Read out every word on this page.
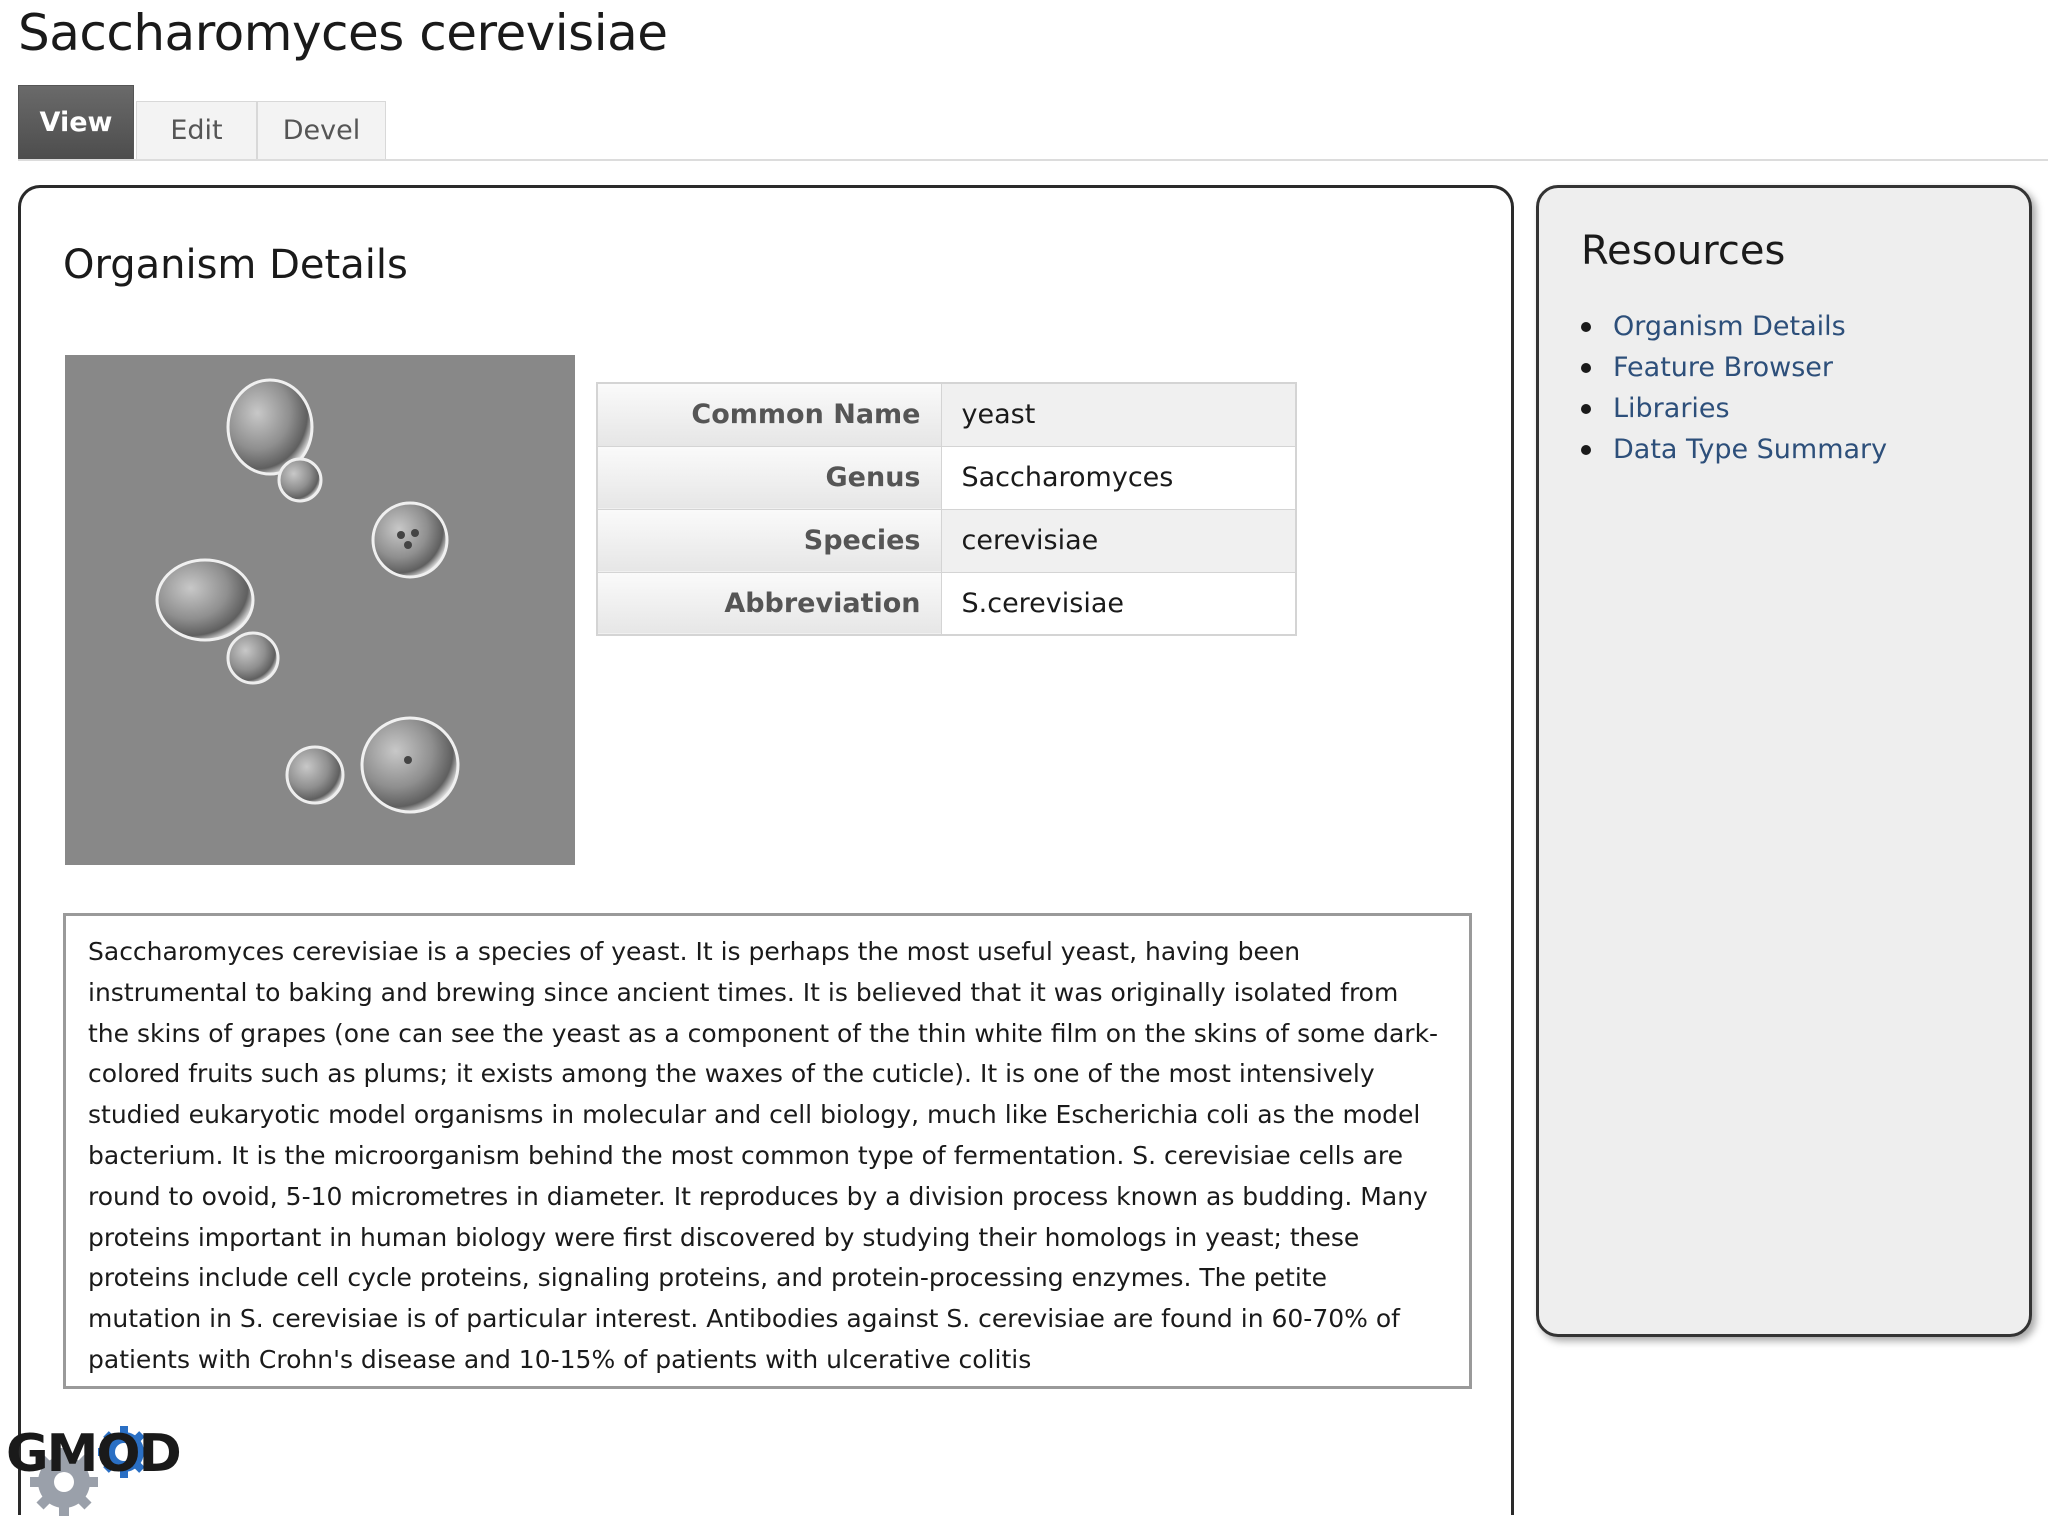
Saccharomyces cerevisiae
View	Edit	Devel
Organism Details
Common Name	yeast
Genus	Saccharomyces
Species	cerevisiae
Abbreviation	S.cerevisiae
Saccharomyces cerevisiae is a species of yeast. It is perhaps the most useful yeast, having been instrumental to baking and brewing since ancient times. It is believed that it was originally isolated from the skins of grapes (one can see the yeast as a component of the thin white film on the skins of some dark-colored fruits such as plums; it exists among the waxes of the cuticle). It is one of the most intensively studied eukaryotic model organisms in molecular and cell biology, much like Escherichia coli as the model bacterium. It is the microorganism behind the most common type of fermentation. S. cerevisiae cells are round to ovoid, 5-10 micrometres in diameter. It reproduces by a division process known as budding. Many proteins important in human biology were first discovered by studying their homologs in yeast; these proteins include cell cycle proteins, signaling proteins, and protein-processing enzymes. The petite mutation in S. cerevisiae is of particular interest. Antibodies against S. cerevisiae are found in 60-70% of patients with Crohn's disease and 10-15% of patients with ulcerative colitis
Resources
Organism Details
Feature Browser
Libraries
Data Type Summary
GMOD
